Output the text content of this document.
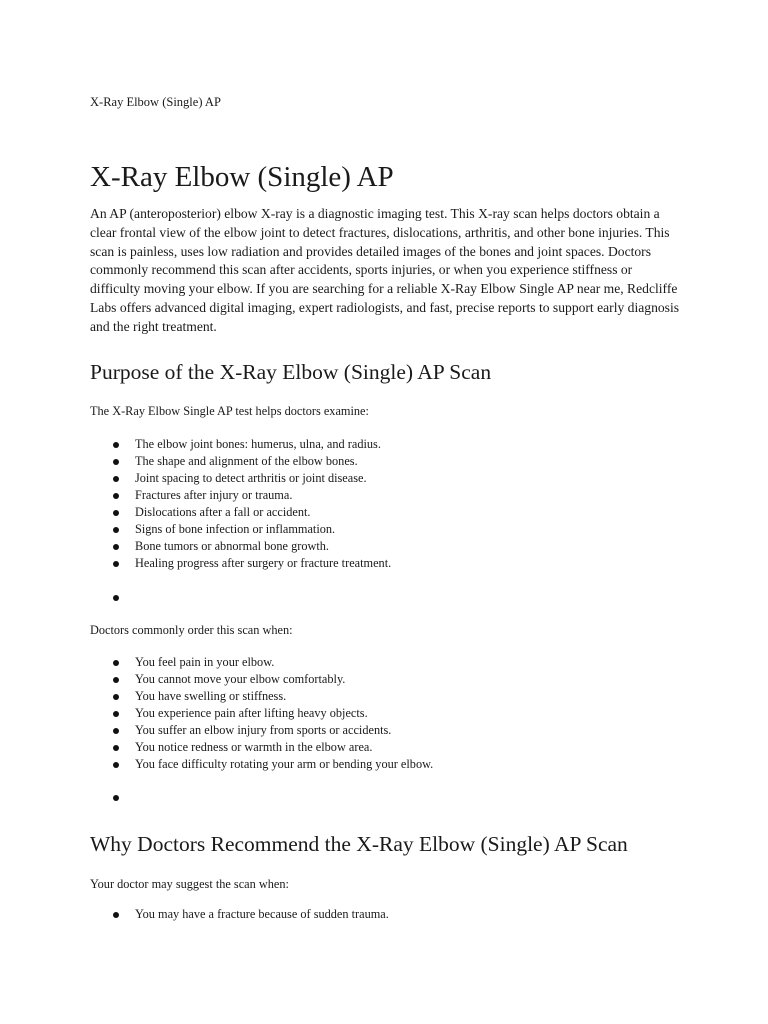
X-Ray Elbow (Single) AP
X-Ray Elbow (Single) AP

An AP (anteroposterior) elbow X-ray is a diagnostic imaging test. This X-ray scan helps doctors obtain a clear frontal view of the elbow joint to detect fractures, dislocations, arthritis, and other bone injuries. This scan is painless, uses low radiation and provides detailed images of the bones and joint spaces. Doctors commonly recommend this scan after accidents, sports injuries, or when you experience stiffness or difficulty moving your elbow. If you are searching for a reliable X-Ray Elbow Single AP near me, Redcliffe Labs offers advanced digital imaging, expert radiologists, and fast, precise reports to support early diagnosis and the right treatment.

Purpose of the X-Ray Elbow (Single) AP Scan

The X-Ray Elbow Single AP test helps doctors examine:

The elbow joint bones: humerus, ulna, and radius.
The shape and alignment of the elbow bones.
Joint spacing to detect arthritis or joint disease.
Fractures after injury or trauma.
Dislocations after a fall or accident.
Signs of bone infection or inflammation.
Bone tumors or abnormal bone growth.
Healing progress after surgery or fracture treatment.

Doctors commonly order this scan when:

You feel pain in your elbow.
You cannot move your elbow comfortably.
You have swelling or stiffness.
You experience pain after lifting heavy objects.
You suffer an elbow injury from sports or accidents.
You notice redness or warmth in the elbow area.
You face difficulty rotating your arm or bending your elbow.
Why Doctors Recommend the X-Ray Elbow (Single) AP Scan

Your doctor may suggest the scan when:

You may have a fracture because of sudden trauma.
